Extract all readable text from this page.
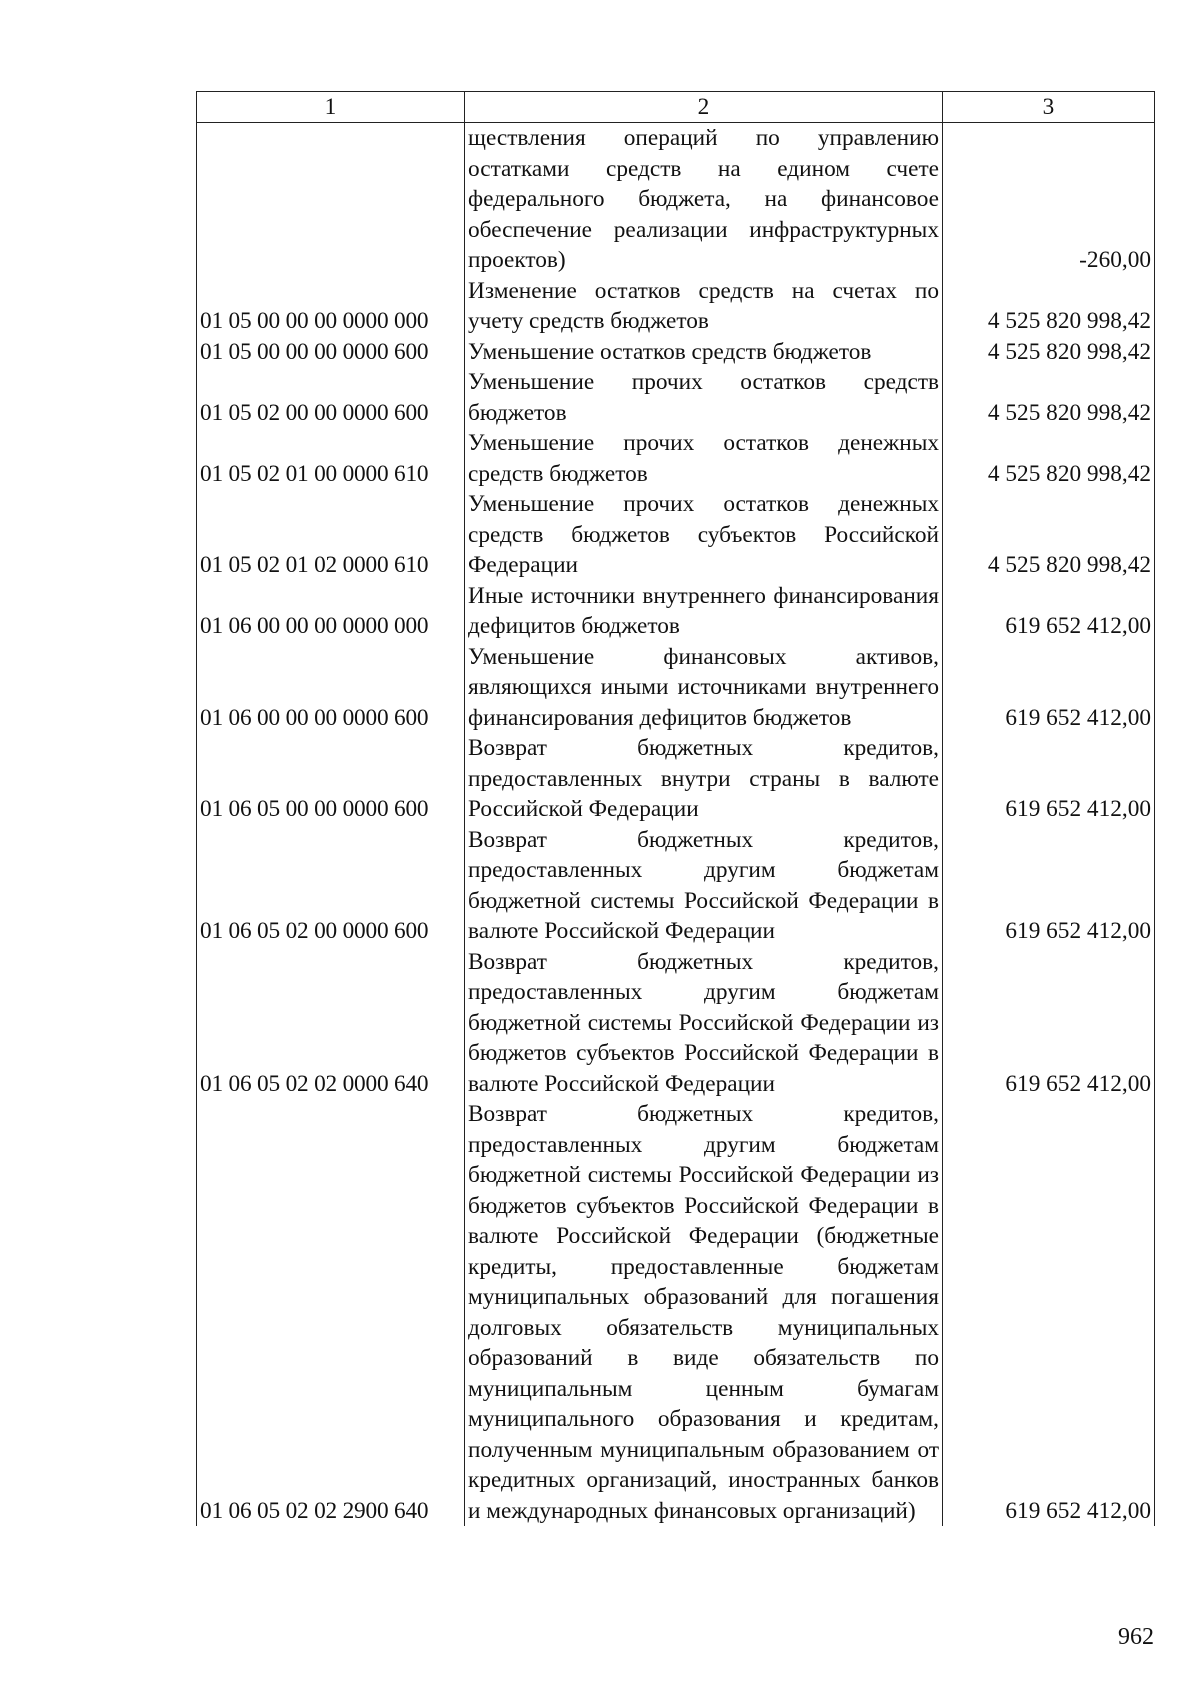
1	2	3
	ществления операций по управлению остатками средств на едином счете федерального бюджета, на финансовое обеспечение реализации инфраструктурных проектов)	-260,00
01 05 00 00 00 0000 000	Изменение остатков средств на счетах по учету средств бюджетов	4 525 820 998,42
01 05 00 00 00 0000 600	Уменьшение остатков средств бюджетов	4 525 820 998,42
01 05 02 00 00 0000 600	Уменьшение прочих остатков средств бюджетов	4 525 820 998,42
01 05 02 01 00 0000 610	Уменьшение прочих остатков денежных средств бюджетов	4 525 820 998,42
01 05 02 01 02 0000 610	Уменьшение прочих остатков денежных средств бюджетов субъектов Российской Федерации	4 525 820 998,42
01 06 00 00 00 0000 000	Иные источники внутреннего финансирования дефицитов бюджетов	619 652 412,00
01 06 00 00 00 0000 600	Уменьшение финансовых активов, являющихся иными источниками внутреннего финансирования дефицитов бюджетов	619 652 412,00
01 06 05 00 00 0000 600	Возврат бюджетных кредитов, предоставленных внутри страны в валюте Российской Федерации	619 652 412,00
01 06 05 02 00 0000 600	Возврат бюджетных кредитов, предоставленных другим бюджетам бюджетной системы Российской Федерации в валюте Российской Федерации	619 652 412,00
01 06 05 02 02 0000 640	Возврат бюджетных кредитов, предоставленных другим бюджетам бюджетной системы Российской Федерации из бюджетов субъектов Российской Федерации в валюте Российской Федерации	619 652 412,00
01 06 05 02 02 2900 640	Возврат бюджетных кредитов, предоставленных другим бюджетам бюджетной системы Российской Федерации из бюджетов субъектов Российской Федерации в валюте Российской Федерации (бюджетные кредиты, предоставленные бюджетам муниципальных образований для погашения долговых обязательств муниципальных образований в виде обязательств по муниципальным ценным бумагам муниципального образования и кредитам, полученным муниципальным образованием от кредитных организаций, иностранных банков и международных финансовых организаций)	619 652 412,00
962
